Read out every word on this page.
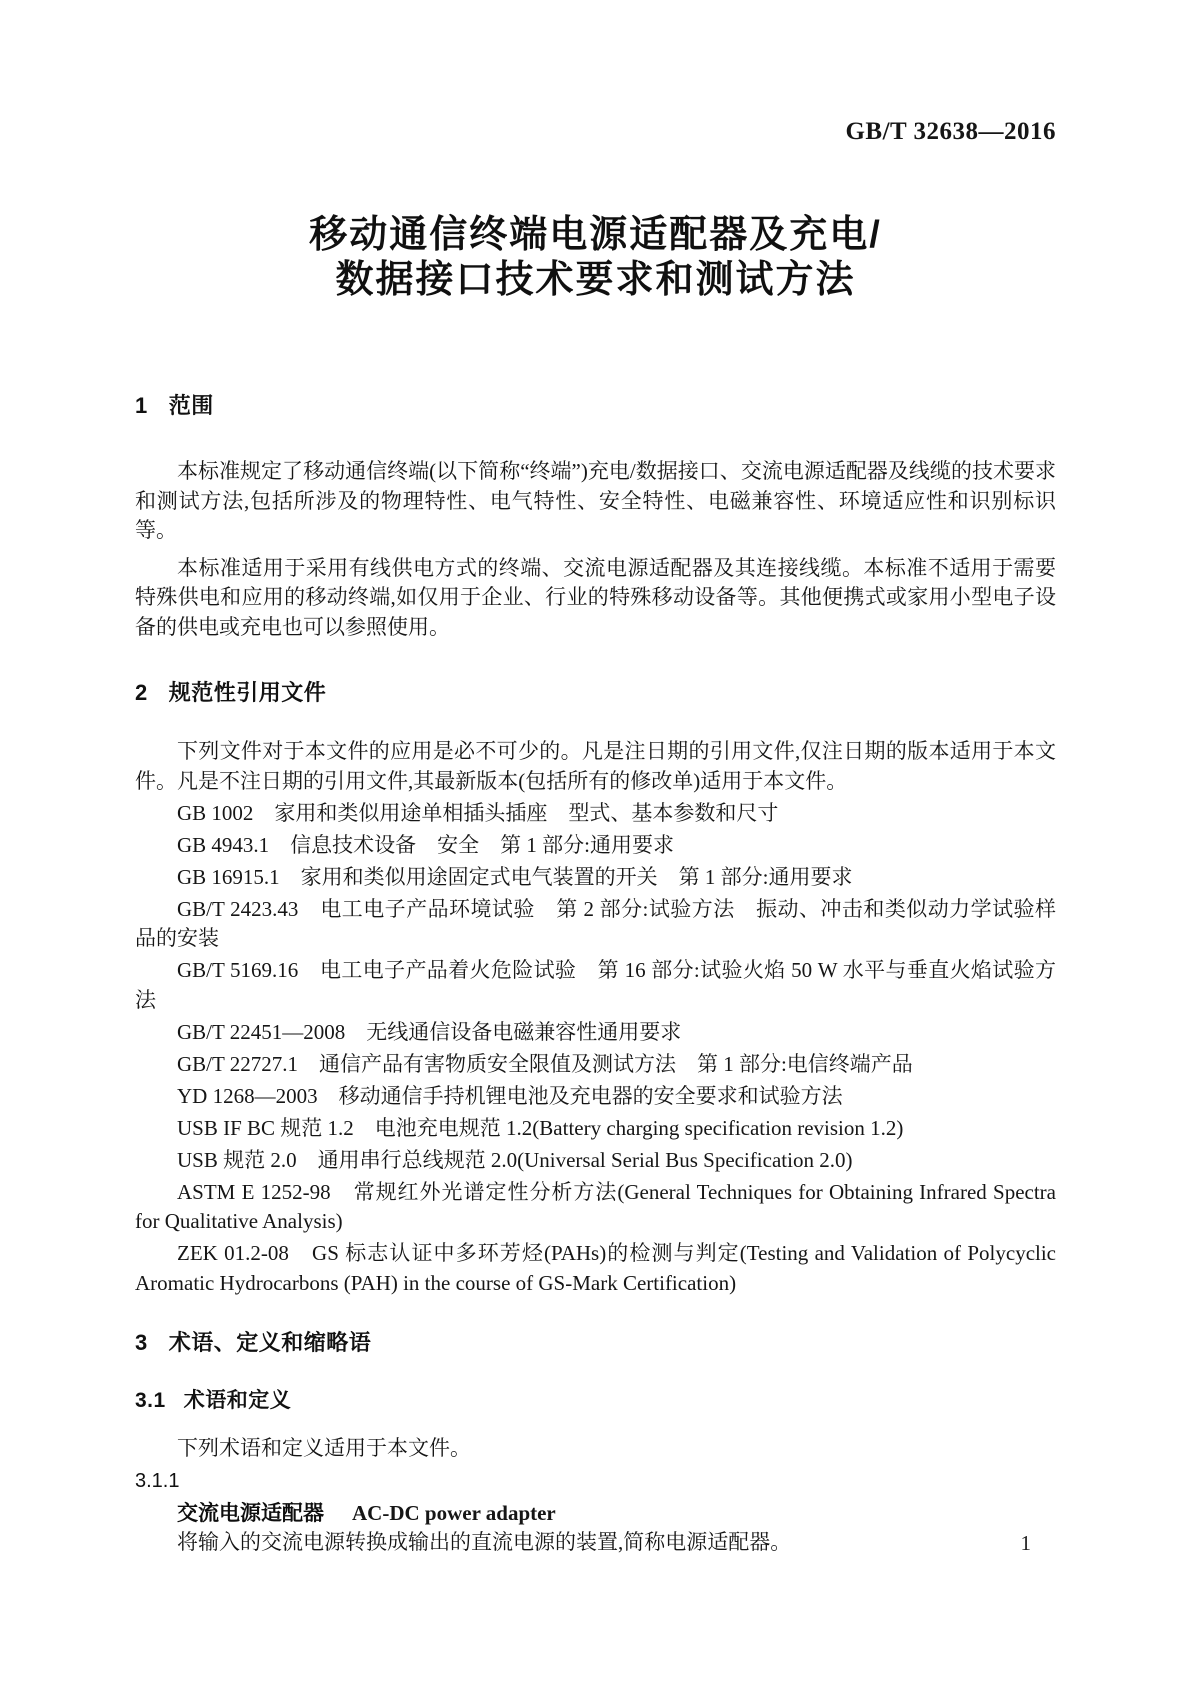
GB/T 32638—2016
移动通信终端电源适配器及充电/
数据接口技术要求和测试方法
1 范围

本标准规定了移动通信终端(以下简称“终端”)充电/数据接口、交流电源适配器及线缆的技术要求和测试方法,包括所涉及的物理特性、电气特性、安全特性、电磁兼容性、环境适应性和识别标识等。

本标准适用于采用有线供电方式的终端、交流电源适配器及其连接线缆。本标准不适用于需要特殊供电和应用的移动终端,如仅用于企业、行业的特殊移动设备等。其他便携式或家用小型电子设备的供电或充电也可以参照使用。

2 规范性引用文件

下列文件对于本文件的应用是必不可少的。凡是注日期的引用文件,仅注日期的版本适用于本文件。凡是不注日期的引用文件,其最新版本(包括所有的修改单)适用于本文件。

GB 1002　家用和类似用途单相插头插座　型式、基本参数和尺寸

GB 4943.1　信息技术设备　安全　第 1 部分:通用要求

GB 16915.1　家用和类似用途固定式电气装置的开关　第 1 部分:通用要求

GB/T 2423.43　电工电子产品环境试验　第 2 部分:试验方法　振动、冲击和类似动力学试验样品的安装

GB/T 5169.16　电工电子产品着火危险试验　第 16 部分:试验火焰 50 W 水平与垂直火焰试验方法

GB/T 22451—2008　无线通信设备电磁兼容性通用要求

GB/T 22727.1　通信产品有害物质安全限值及测试方法　第 1 部分:电信终端产品

YD 1268—2003　移动通信手持机锂电池及充电器的安全要求和试验方法

USB IF BC 规范 1.2　电池充电规范 1.2(Battery charging specification revision 1.2)

USB 规范 2.0　通用串行总线规范 2.0(Universal Serial Bus Specification 2.0)

ASTM E 1252-98　常规红外光谱定性分析方法(General Techniques for Obtaining Infrared Spectra for Qualitative Analysis)

ZEK 01.2-08　GS 标志认证中多环芳烃(PAHs)的检测与判定(Testing and Validation of Polycyclic Aromatic Hydrocarbons (PAH) in the course of GS-Mark Certification)

3 术语、定义和缩略语
3.1 术语和定义

下列术语和定义适用于本文件。

3.1.1

交流电源适配器 AC-DC power adapter

将输入的交流电源转换成输出的直流电源的装置,简称电源适配器。	1
